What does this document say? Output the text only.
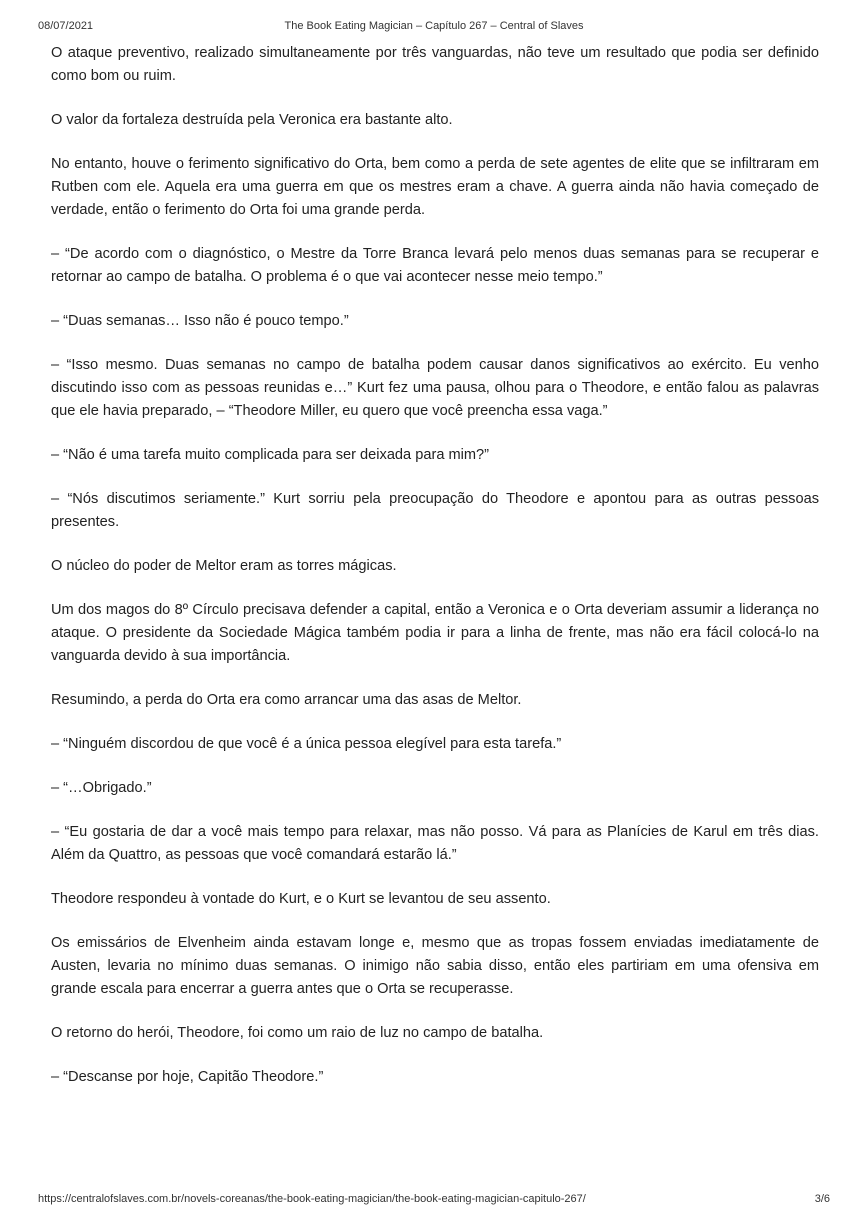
08/07/2021	The Book Eating Magician – Capítulo 267 – Central of Slaves

O ataque preventivo, realizado simultaneamente por três vanguardas, não teve um resultado que podia ser definido como bom ou ruim.

O valor da fortaleza destruída pela Veronica era bastante alto.

No entanto, houve o ferimento significativo do Orta, bem como a perda de sete agentes de elite que se infiltraram em Rutben com ele. Aquela era uma guerra em que os mestres eram a chave. A guerra ainda não havia começado de verdade, então o ferimento do Orta foi uma grande perda.

– “De acordo com o diagnóstico, o Mestre da Torre Branca levará pelo menos duas semanas para se recuperar e retornar ao campo de batalha. O problema é o que vai acontecer nesse meio tempo.”

– “Duas semanas… Isso não é pouco tempo.”

– “Isso mesmo. Duas semanas no campo de batalha podem causar danos significativos ao exército. Eu venho discutindo isso com as pessoas reunidas e…” Kurt fez uma pausa, olhou para o Theodore, e então falou as palavras que ele havia preparado, – “Theodore Miller, eu quero que você preencha essa vaga.”

– “Não é uma tarefa muito complicada para ser deixada para mim?”

– “Nós discutimos seriamente.” Kurt sorriu pela preocupação do Theodore e apontou para as outras pessoas presentes.

O núcleo do poder de Meltor eram as torres mágicas.

Um dos magos do 8º Círculo precisava defender a capital, então a Veronica e o Orta deveriam assumir a liderança no ataque. O presidente da Sociedade Mágica também podia ir para a linha de frente, mas não era fácil colocá-lo na vanguarda devido à sua importância.

Resumindo, a perda do Orta era como arrancar uma das asas de Meltor.

– “Ninguém discordou de que você é a única pessoa elegível para esta tarefa.”

– “…Obrigado.”

– “Eu gostaria de dar a você mais tempo para relaxar, mas não posso. Vá para as Planícies de Karul em três dias. Além da Quattro, as pessoas que você comandará estarão lá.”

Theodore respondeu à vontade do Kurt, e o Kurt se levantou de seu assento.

Os emissários de Elvenheim ainda estavam longe e, mesmo que as tropas fossem enviadas imediatamente de Austen, levaria no mínimo duas semanas. O inimigo não sabia disso, então eles partiriam em uma ofensiva em grande escala para encerrar a guerra antes que o Orta se recuperasse.

O retorno do herói, Theodore, foi como um raio de luz no campo de batalha.

– “Descanse por hoje, Capitão Theodore.”

https://centralofslaves.com.br/novels-coreanas/the-book-eating-magician/the-book-eating-magician-capitulo-267/	3/6
